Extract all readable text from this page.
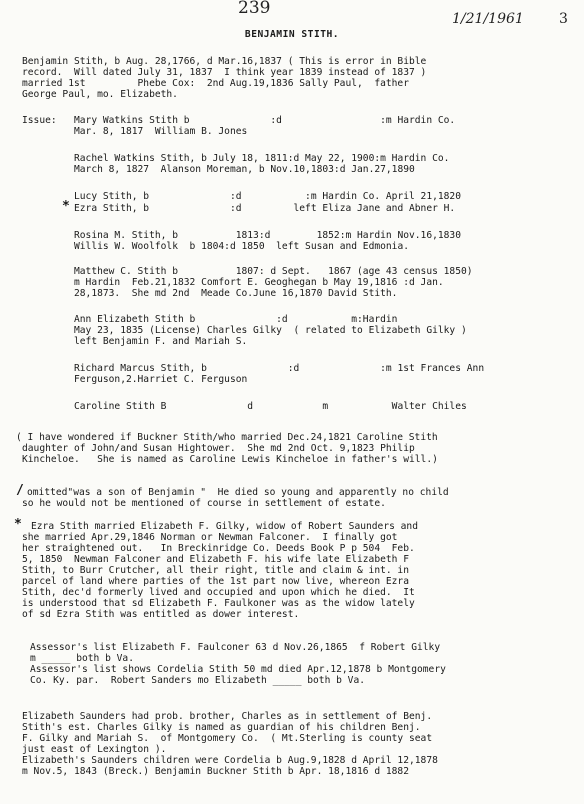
239
1/21/1961	3
BENJAMIN STITH.
Benjamin Stith, b Aug. 28,1766, d Mar.16,1837 ( This is error in Bible
record.  Will dated July 31, 1837  I think year 1839 instead of 1837 )
married 1st         Phebe Cox:  2nd Aug.19,1836 Sally Paul,  father
George Paul, mo. Elizabeth.
Issue: Mary Watkins Stith b              :d                 :m Hardin Co.
Mar. 8, 1817  William B. Jones
Rachel Watkins Stith, b July 18, 1811:d May 22, 1900:m Hardin Co.
March 8, 1827  Alanson Moreman, b Nov.10,1803:d Jan.27,1890
Lucy Stith, b              :d           :m Hardin Co. April 21,1820
* Ezra Stith, b              :d         left Eliza Jane and Abner H.
Rosina M. Stith, b          1813:d        1852:m Hardin Nov.16,1830
Willis W. Woolfolk  b 1804:d 1850  left Susan and Edmonia.
Matthew C. Stith b          1807: d Sept.   1867 (age 43 census 1850)
m Hardin  Feb.21,1832 Comfort E. Geoghegan b May 19,1816 :d Jan.
28,1873.  She md 2nd  Meade Co.June 16,1870 David Stith.
Ann Elizabeth Stith b              :d           m:Hardin
May 23, 1835 (License) Charles Gilky  ( related to Elizabeth Gilky )
left Benjamin F. and Mariah S.
Richard Marcus Stith, b              :d              :m 1st Frances Ann
Ferguson,2.Harriet C. Ferguson
Caroline Stith B              d            m           Walter Chiles
( I have wondered if Buckner Stith/who married Dec.24,1821 Caroline Stith
daughter of John/and Susan Hightower.  She md 2nd Oct. 9,1823 Philip
Kincheloe.   She is named as Caroline Lewis Kincheloe in father's will.)
/ omitted"was a son of Benjamin "  He died so young and apparently no child
so he would not be mentioned of course in settlement of estate.
* Ezra Stith married Elizabeth F. Gilky, widow of Robert Saunders and
she married Apr.29,1846 Norman or Newman Falconer.  I finally got
her straightened out.   In Breckinridge Co. Deeds Book P p 504  Feb.
5, 1850  Newman Falconer and Elizabeth F. his wife late Elizabeth F
Stith, to Burr Crutcher, all their right, title and claim & int. in
parcel of land where parties of the 1st part now live, whereon Ezra
Stith, dec'd formerly lived and occupied and upon which he died.  It
is understood that sd Elizabeth F. Faulkoner was as the widow lately
of sd Ezra Stith was entitled as dower interest.
Assessor's list Elizabeth F. Faulconer 63 d Nov.26,1865  f Robert Gilky
m _____ both b Va.
Assessor's list shows Cordelia Stith 50 md died Apr.12,1878 b Montgomery
Co. Ky. par.  Robert Sanders mo Elizabeth _____ both b Va.
Elizabeth Saunders had prob. brother, Charles as in settlement of Benj.
Stith's est. Charles Gilky is named as guardian of his children Benj.
F. Gilky and Mariah S.  of Montgomery Co.  ( Mt.Sterling is county seat
just east of Lexington ).
Elizabeth's Saunders children were Cordelia b Aug.9,1828 d April 12,1878
m Nov.5, 1843 (Breck.) Benjamin Buckner Stith b Apr. 18,1816 d 1882
